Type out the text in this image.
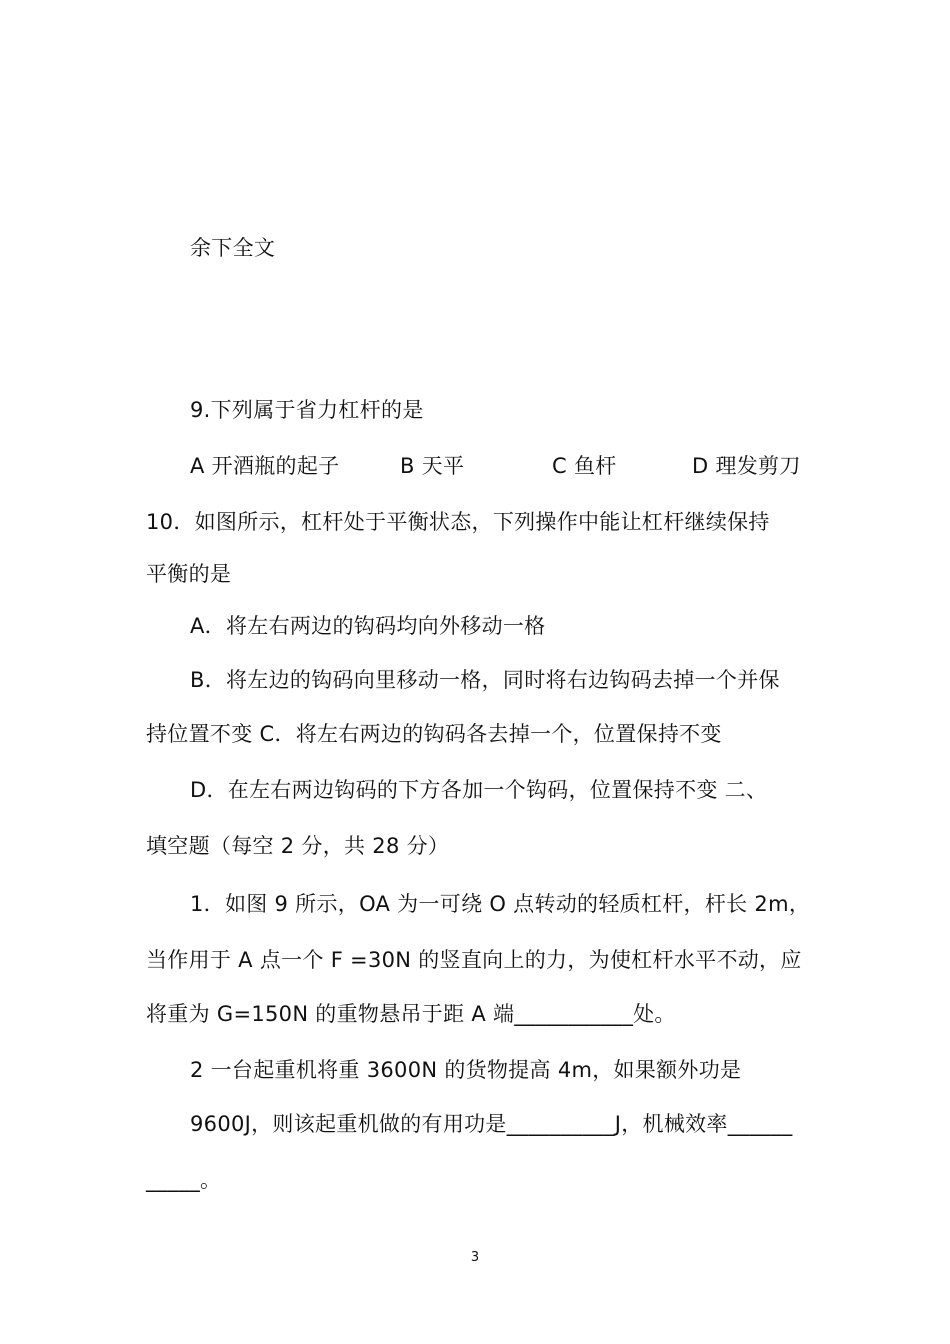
余下全文
9.下列属于省力杠杆的是
A 开酒瓶的起子	B 天平	C 鱼杆	D 理发剪刀
10．如图所示，杠杆处于平衡状态，下列操作中能让杠杆继续保持
平衡的是
A．将左右两边的钩码均向外移动一格
B．将左边的钩码向里移动一格，同时将右边钩码去掉一个并保
持位置不变 C．将左右两边的钩码各去掉一个，位置保持不变
D．在左右两边钩码的下方各加一个钩码，位置保持不变 二、
填空题（每空 2 分，共 28 分）
1．如图 9 所示，OA 为一可绕 O 点转动的轻质杠杆，杆长 2m，
当作用于 A 点一个 F =30N 的竖直向上的力，为使杠杆水平不动，应
将重为 G=150N 的重物悬吊于距 A 端___________处。
2 一台起重机将重 3600N 的货物提高 4m，如果额外功是
9600J，则该起重机做的有用功是__________J，机械效率______
_____。
3
